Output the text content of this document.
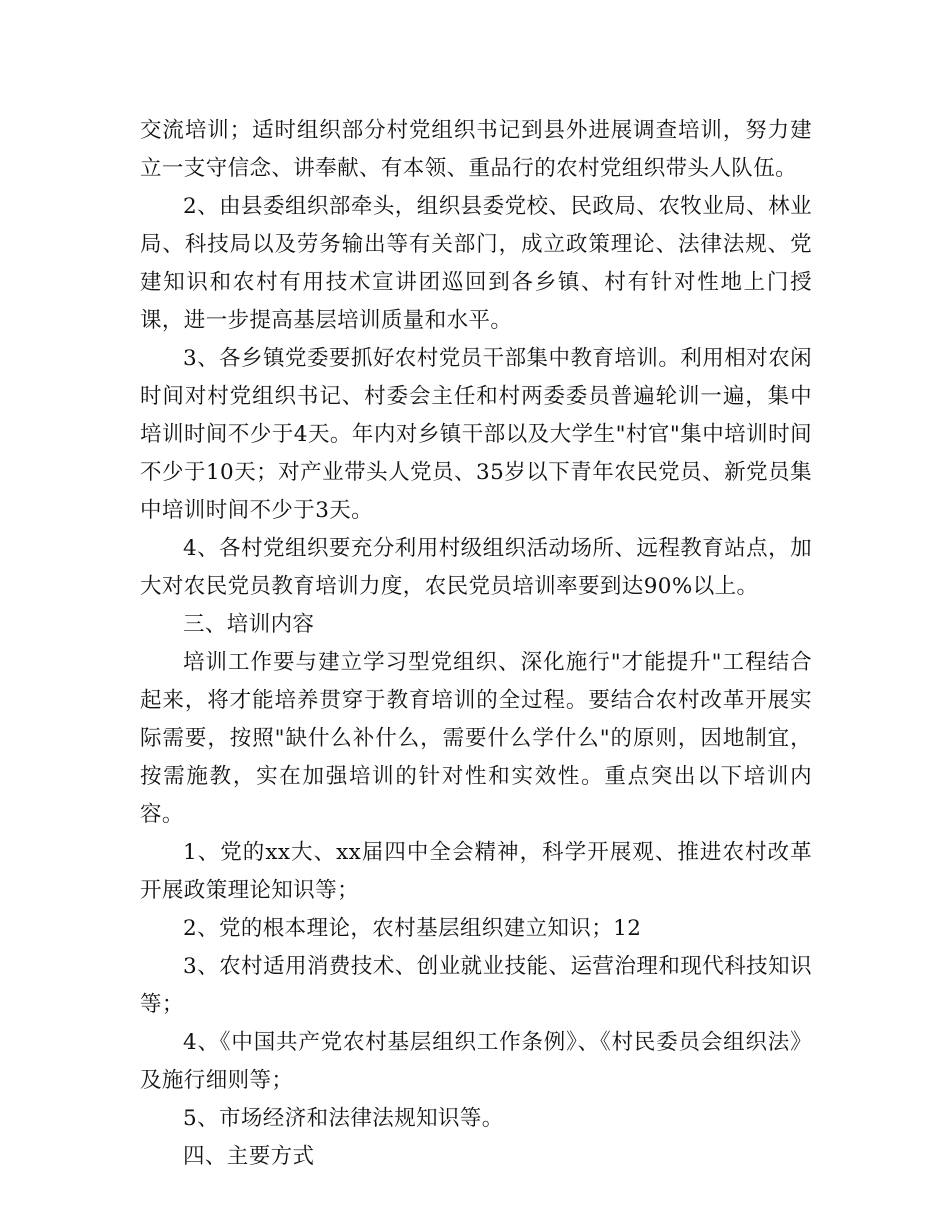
交流培训；适时组织部分村党组织书记到县外进展调查培训，努力建立一支守信念、讲奉献、有本领、重品行的农村党组织带头人队伍。

2、由县委组织部牵头，组织县委党校、民政局、农牧业局、林业局、科技局以及劳务输出等有关部门，成立政策理论、法律法规、党建知识和农村有用技术宣讲团巡回到各乡镇、村有针对性地上门授课，进一步提高基层培训质量和水平。

3、各乡镇党委要抓好农村党员干部集中教育培训。利用相对农闲时间对村党组织书记、村委会主任和村两委委员普遍轮训一遍，集中培训时间不少于4天。年内对乡镇干部以及大学生"村官"集中培训时间不少于10天；对产业带头人党员、35岁以下青年农民党员、新党员集中培训时间不少于3天。

4、各村党组织要充分利用村级组织活动场所、远程教育站点，加大对农民党员教育培训力度，农民党员培训率要到达90%以上。

三、培训内容

培训工作要与建立学习型党组织、深化施行"才能提升"工程结合起来，将才能培养贯穿于教育培训的全过程。要结合农村改革开展实际需要，按照"缺什么补什么，需要什么学什么"的原则，因地制宜，按需施教，实在加强培训的针对性和实效性。重点突出以下培训内容。

1、党的xx大、xx届四中全会精神，科学开展观、推进农村改革开展政策理论知识等；

2、党的根本理论，农村基层组织建立知识；12

3、农村适用消费技术、创业就业技能、运营治理和现代科技知识等；

4、《中国共产党农村基层组织工作条例》、《村民委员会组织法》及施行细则等；

5、市场经济和法律法规知识等。

四、主要方式
